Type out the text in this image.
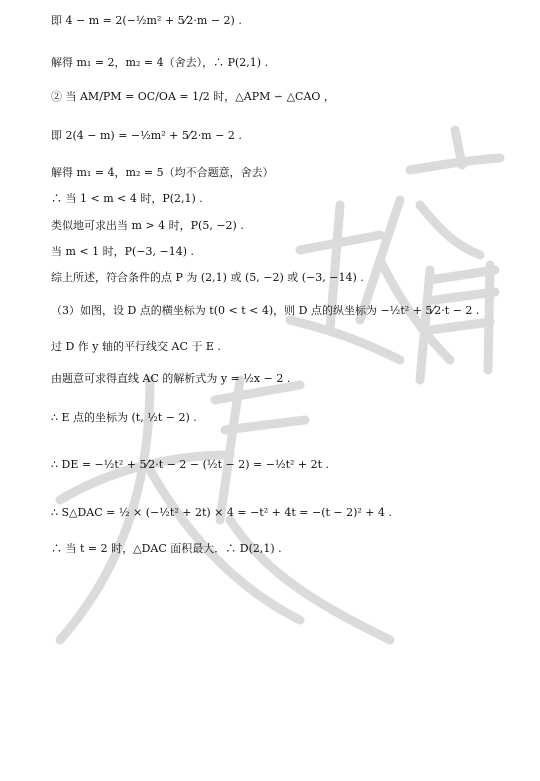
即 4 − m = 2(−½m² + 5⁄2·m − 2) .
解得 m₁ = 2，m₂ = 4（舍去），∴ P(2,1) .
② 当 AM/PM = OC/OA = 1/2 时，△APM ∽ △CAO ，
即 2(4 − m) = −½m² + 5⁄2·m − 2 .
解得 m₁ = 4，m₂ = 5（均不合题意，舍去）
∴ 当 1 < m < 4 时，P(2,1) .
类似地可求出当 m > 4 时，P(5, −2) .
当 m < 1 时，P(−3, −14) .
综上所述，符合条件的点 P 为 (2,1) 或 (5, −2) 或 (−3, −14) .
（3）如图，设 D 点的横坐标为 t(0 < t < 4)，则 D 点的纵坐标为 −½t² + 5⁄2·t − 2 .
过 D 作 y 轴的平行线交 AC 于 E .
由题意可求得直线 AC 的解析式为 y = ½x − 2 .
∴ E 点的坐标为 (t, ½t − 2) .
∴ DE = −½t² + 5⁄2·t − 2 − (½t − 2) = −½t² + 2t .
∴ S△DAC = ½ × (−½t² + 2t) × 4 = −t² + 4t = −(t − 2)² + 4 .
∴ 当 t = 2 时，△DAC 面积最大．∴ D(2,1) .
